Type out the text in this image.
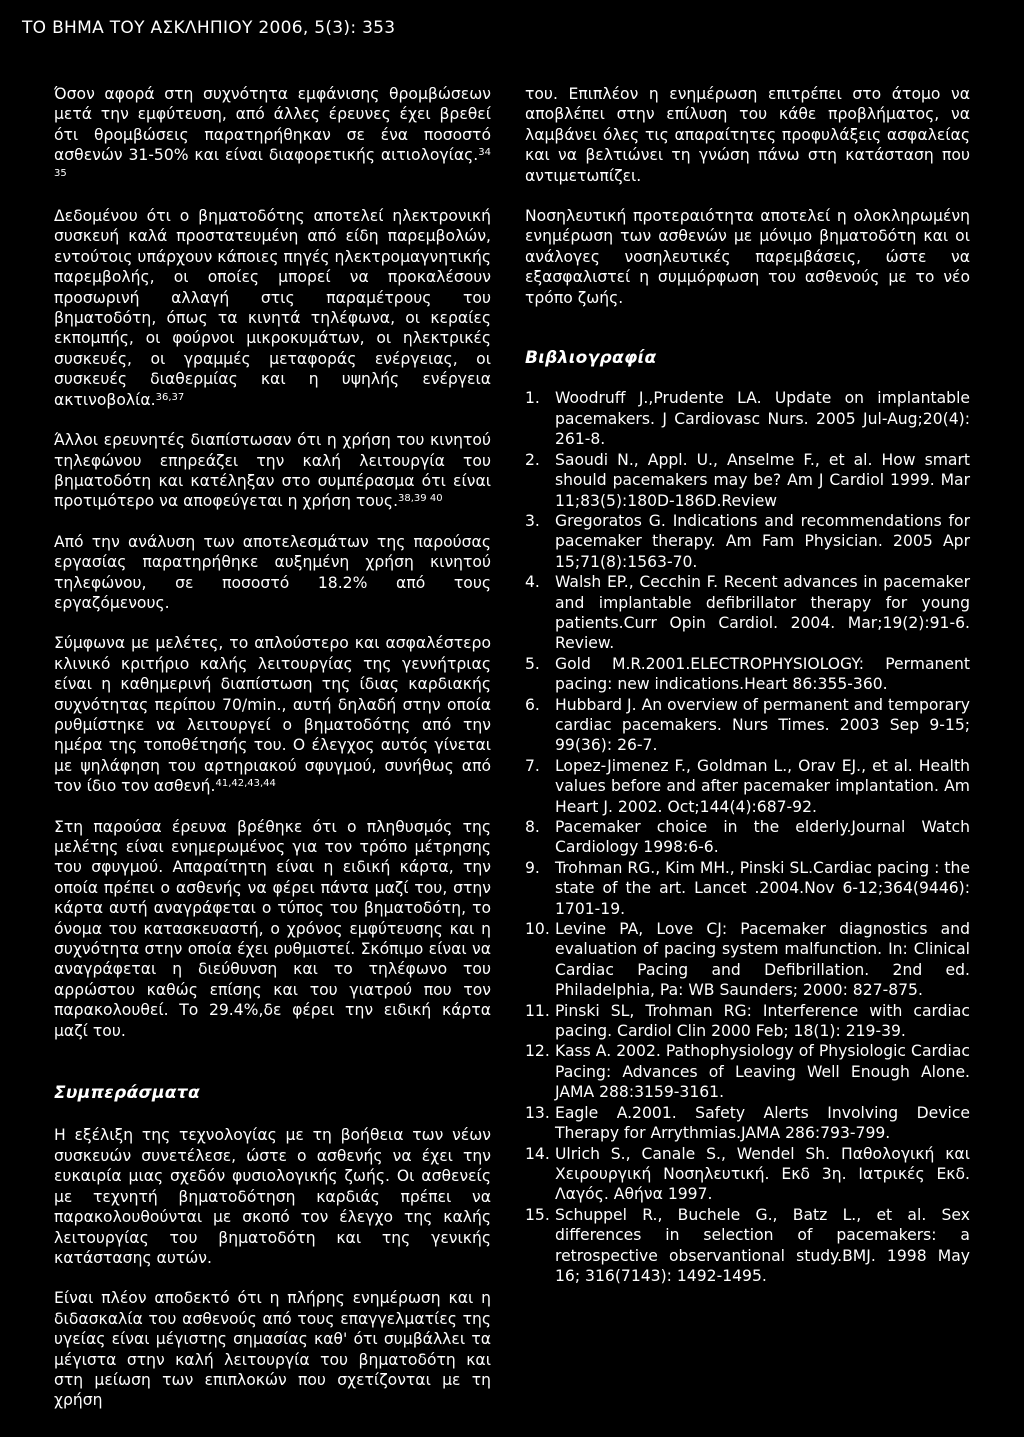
ΤΟ ΒΗΜΑ ΤΟΥ ΑΣΚΛΗΠΙΟΥ 2006, 5(3): 353

Όσον αφορά στη συχνότητα εμφάνισης θρομβώσεων μετά την εμφύτευση, από άλλες έρευνες έχει βρεθεί ότι θρομβώσεις παρατηρήθηκαν σε ένα ποσοστό ασθενών 31-50% και είναι διαφορετικής αιτιολογίας.$^{34 35}$

Δεδομένου ότι ο βηματοδότης αποτελεί ηλεκτρονική συσκευή καλά προστατευμένη από είδη παρεμβολών, εντούτοις υπάρχουν κάποιες πηγές ηλεκτρομαγνητικής παρεμβολής, οι οποίες μπορεί να προκαλέσουν προσωρινή αλλαγή στις παραμέτρους του βηματοδότη, όπως τα κινητά τηλέφωνα, οι κεραίες εκπομπής, οι φούρνοι μικροκυμάτων, οι ηλεκτρικές συσκευές, οι γραμμές μεταφοράς ενέργειας, οι συσκευές διαθερμίας και η υψηλής ενέργεια ακτινοβολία.$^{36,37}$

Άλλοι ερευνητές διαπίστωσαν ότι η χρήση του κινητού τηλεφώνου επηρεάζει την καλή λειτουργία του βηματοδότη και κατέληξαν στο συμπέρασμα ότι είναι προτιμότερο να αποφεύγεται η χρήση τους.$^{38,39 40}$

Από την ανάλυση των αποτελεσμάτων της παρούσας εργασίας παρατηρήθηκε αυξημένη χρήση κινητού τηλεφώνου, σε ποσοστό 18.2% από τους εργαζόμενους.

Σύμφωνα με μελέτες, το απλούστερο και ασφαλέστερο κλινικό κριτήριο καλής λειτουργίας της γεννήτριας είναι η καθημερινή διαπίστωση της ίδιας καρδιακής συχνότητας περίπου 70/min., αυτή δηλαδή στην οποία ρυθμίστηκε να λειτουργεί ο βηματοδότης από την ημέρα της τοποθέτησής του. Ο έλεγχος αυτός γίνεται με ψηλάφηση του αρτηριακού σφυγμού, συνήθως από τον ίδιο τον ασθενή.$^{41,42,43,44}$

Στη παρούσα έρευνα βρέθηκε ότι ο πληθυσμός της μελέτης είναι ενημερωμένος για τον τρόπο μέτρησης του σφυγμού. Απαραίτητη είναι η ειδική κάρτα, την οποία πρέπει ο ασθενής να φέρει πάντα μαζί του, στην κάρτα αυτή αναγράφεται ο τύπος του βηματοδότη, το όνομα του κατασκευαστή, ο χρόνος εμφύτευσης και η συχνότητα στην οποία έχει ρυθμιστεί. Σκόπιμο είναι να αναγράφεται η διεύθυνση και το τηλέφωνο του αρρώστου καθώς επίσης και του γιατρού που τον παρακολουθεί. Το 29.4%,δε φέρει την ειδική κάρτα μαζί του.

Συμπεράσματα

Η εξέλιξη της τεχνολογίας με τη βοήθεια των νέων συσκευών συνετέλεσε, ώστε ο ασθενής να έχει την ευκαιρία μιας σχεδόν φυσιολογικής ζωής. Οι ασθενείς με τεχνητή βηματοδότηση καρδιάς πρέπει να παρακολουθούνται με σκοπό τον έλεγχο της καλής λειτουργίας του βηματοδότη και της γενικής κατάστασης αυτών.

Είναι πλέον αποδεκτό ότι η πλήρης ενημέρωση και η διδασκαλία του ασθενούς από τους επαγγελματίες της υγείας είναι μέγιστης σημασίας καθ' ότι συμβάλλει τα μέγιστα στην καλή λειτουργία του βηματοδότη και στη μείωση των επιπλοκών που σχετίζονται με τη χρήση

του. Επιπλέον η ενημέρωση επιτρέπει στο άτομο να αποβλέπει στην επίλυση του κάθε προβλήματος, να λαμβάνει όλες τις απαραίτητες προφυλάξεις ασφαλείας και να βελτιώνει τη γνώση πάνω στη κατάσταση που αντιμετωπίζει.

Νοσηλευτική προτεραιότητα αποτελεί η ολοκληρωμένη ενημέρωση των ασθενών με μόνιμο βηματοδότη και οι ανάλογες νοσηλευτικές παρεμβάσεις, ώστε να εξασφαλιστεί η συμμόρφωση του ασθενούς με το νέο τρόπο ζωής.

Βιβλιογραφία
1. Woodruff J.,Prudente LA. Update on implantable pacemakers. J Cardiovasc Nurs. 2005 Jul-Aug;20(4): 261-8.
2. Saoudi N., Appl. U., Anselme F., et al. How smart should pacemakers may be? Am J Cardiol 1999. Mar 11;83(5):180D-186D.Review
3. Gregoratos G. Indications and recommendations for pacemaker therapy. Am Fam Physician. 2005 Apr 15;71(8):1563-70.
4. Walsh EP., Cecchin F. Recent advances in pacemaker and implantable defibrillator therapy for young patients.Curr Opin Cardiol. 2004. Mar;19(2):91-6. Review.
5. Gold M.R.2001.ELECTROPHYSIOLOGY: Permanent pacing: new indications.Heart 86:355-360.
6. Hubbard J. An overview of permanent and temporary cardiac pacemakers. Nurs Times. 2003 Sep 9-15; 99(36): 26-7.
7. Lopez-Jimenez F., Goldman L., Orav EJ., et al. Health values before and after pacemaker implantation. Am Heart J. 2002. Oct;144(4):687-92.
8. Pacemaker choice in the elderly.Journal Watch Cardiology 1998:6-6.
9. Trohman RG., Kim MH., Pinski SL.Cardiac pacing : the state of the art. Lancet .2004.Nov 6-12;364(9446): 1701-19.
10. Levine PA, Love CJ: Pacemaker diagnostics and evaluation of pacing system malfunction. In: Clinical Cardiac Pacing and Defibrillation. 2nd ed. Philadelphia, Pa: WB Saunders; 2000: 827-875.
11. Pinski SL, Trohman RG: Interference with cardiac pacing. Cardiol Clin 2000 Feb; 18(1): 219-39.
12. Kass A. 2002. Pathophysiology of Physiologic Cardiac Pacing: Advances of Leaving Well Enough Alone. JAMA 288:3159-3161.
13. Eagle A.2001. Safety Alerts Involving Device Therapy for Arrythmias.JAMA 286:793-799.
14. Ulrich S., Canale S., Wendel Sh. Παθολογική και Χειρουργική Νοσηλευτική. Εκδ 3η. Ιατρικές Εκδ. Λαγός. Αθήνα 1997.
15. Schuppel R., Buchele G., Batz L., et al. Sex differences in selection of pacemakers: a retrospective observantional study.BMJ. 1998 May 16; 316(7143): 1492-1495.
